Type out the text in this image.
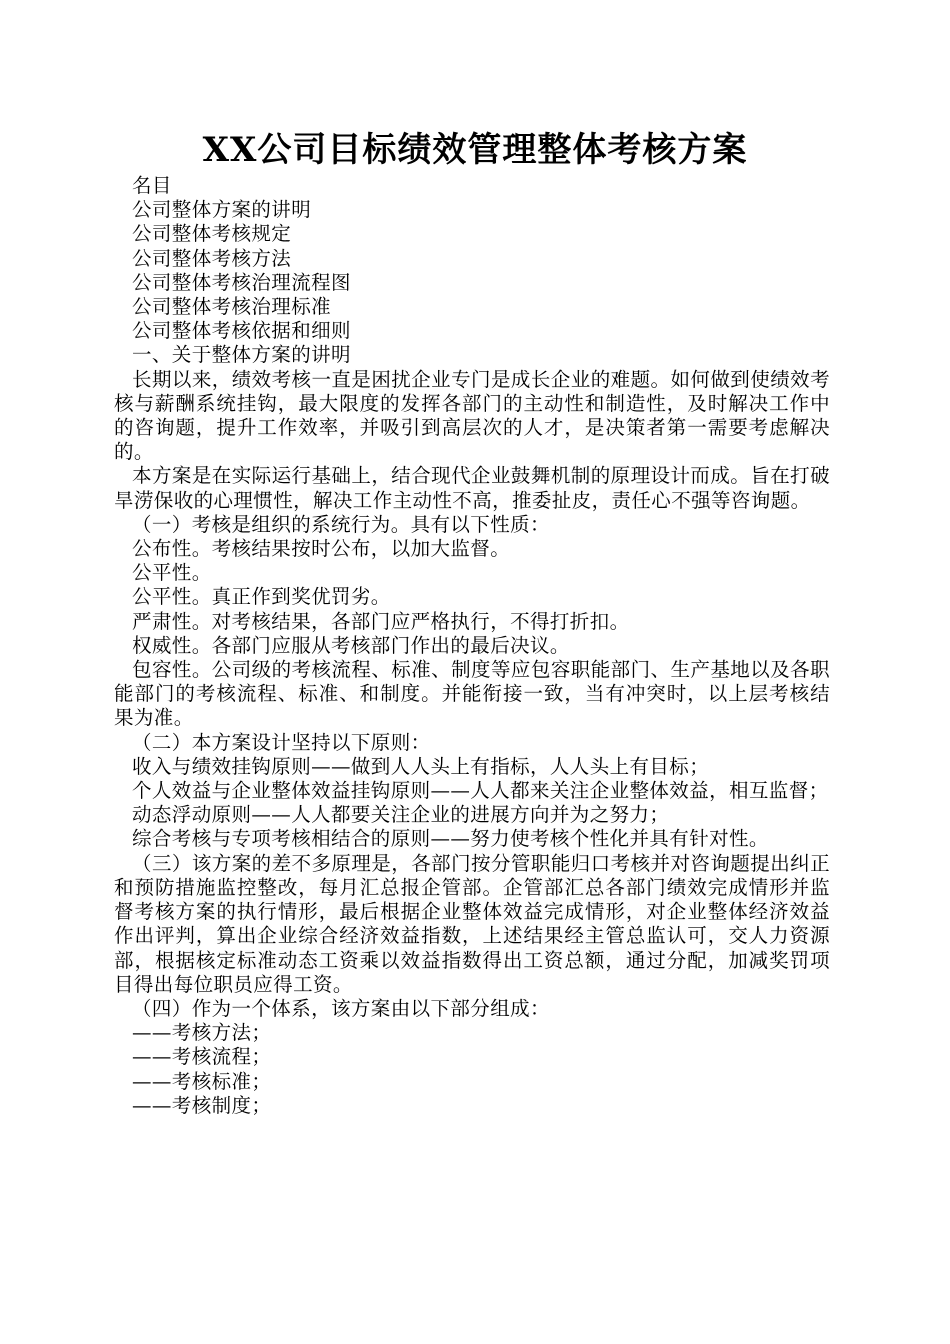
XX公司目标绩效管理整体考核方案

名目

公司整体方案的讲明

公司整体考核规定

公司整体考核方法

公司整体考核治理流程图

公司整体考核治理标准

公司整体考核依据和细则

一、关于整体方案的讲明

长期以来，绩效考核一直是困扰企业专门是成长企业的难题。如何做到使绩效考核与薪酬系统挂钩，最大限度的发挥各部门的主动性和制造性，及时解决工作中的咨询题，提升工作效率，并吸引到高层次的人才，是决策者第一需要考虑解决的。

本方案是在实际运行基础上，结合现代企业鼓舞机制的原理设计而成。旨在打破旱涝保收的心理惯性，解决工作主动性不高，推委扯皮，责任心不强等咨询题。

（一）考核是组织的系统行为。具有以下性质：

公布性。考核结果按时公布，以加大监督。

公平性。

公平性。真正作到奖优罚劣。

严肃性。对考核结果，各部门应严格执行，不得打折扣。

权威性。各部门应服从考核部门作出的最后决议。

包容性。公司级的考核流程、标准、制度等应包容职能部门、生产基地以及各职能部门的考核流程、标准、和制度。并能衔接一致，当有冲突时，以上层考核结果为准。

（二）本方案设计坚持以下原则：

收入与绩效挂钩原则——做到人人头上有指标，人人头上有目标；

个人效益与企业整体效益挂钩原则——人人都来关注企业整体效益，相互监督；

动态浮动原则——人人都要关注企业的进展方向并为之努力；

综合考核与专项考核相结合的原则——努力使考核个性化并具有针对性。

（三）该方案的差不多原理是，各部门按分管职能归口考核并对咨询题提出纠正和预防措施监控整改，每月汇总报企管部。企管部汇总各部门绩效完成情形并监督考核方案的执行情形，最后根据企业整体效益完成情形，对企业整体经济效益作出评判，算出企业综合经济效益指数，上述结果经主管总监认可，交人力资源部，根据核定标准动态工资乘以效益指数得出工资总额，通过分配，加减奖罚项目得出每位职员应得工资。

（四）作为一个体系，该方案由以下部分组成：

——考核方法；

——考核流程；

——考核标准；

——考核制度；
